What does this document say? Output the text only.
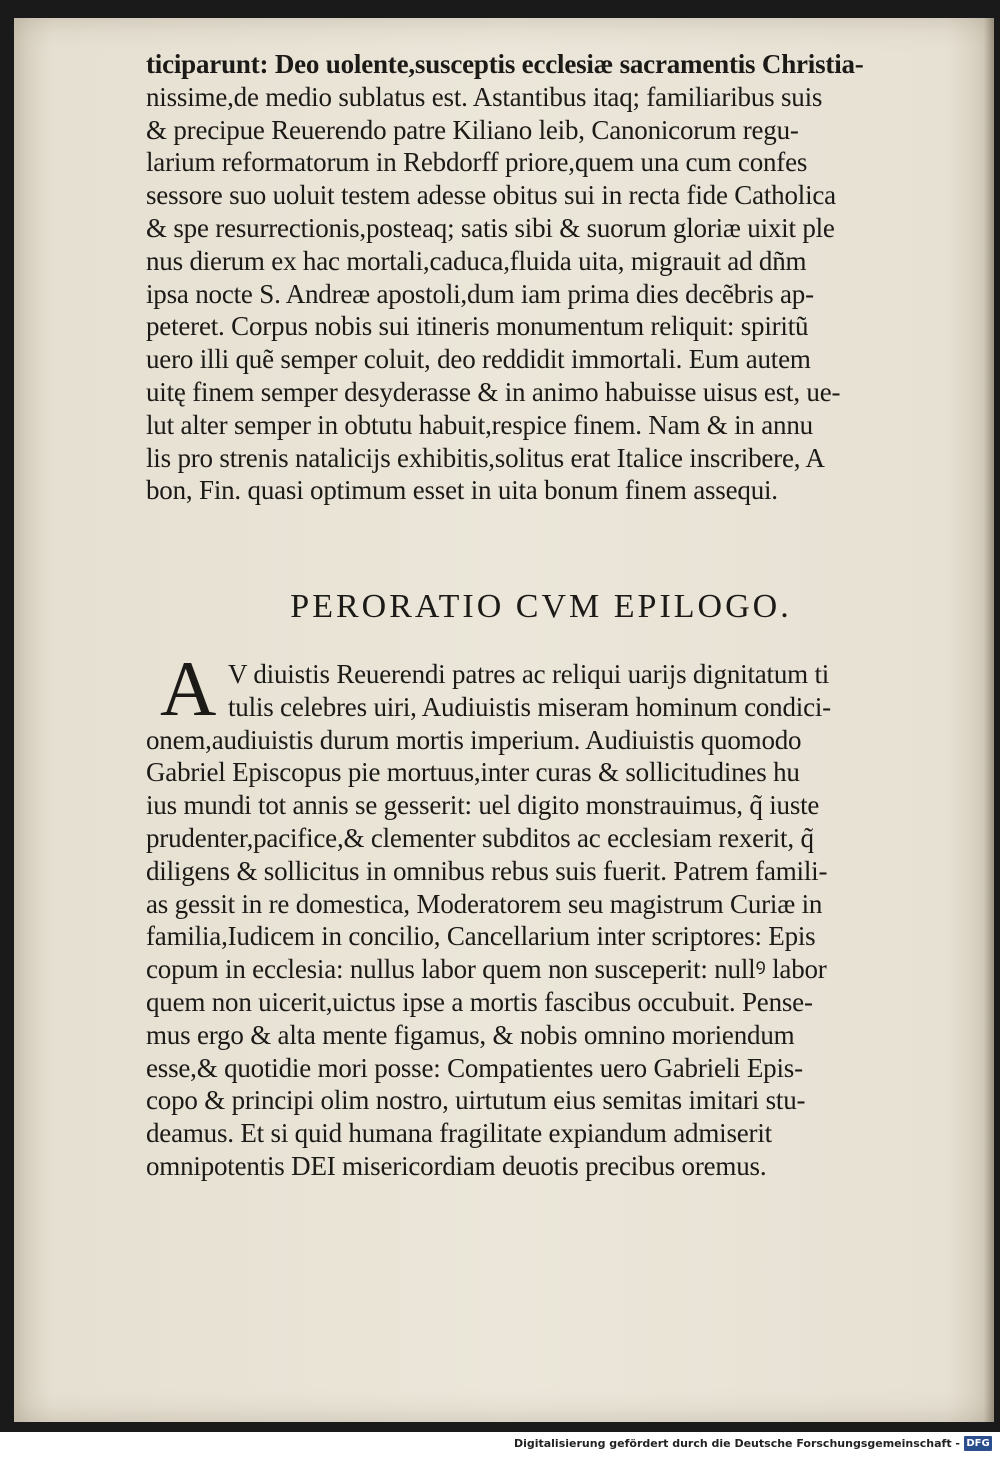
ticiparunt: Deo uolente,susceptis ecclesiæ sacramentis Christia-
nissime,de medio sublatus est. Astantibus itaq; familiaribus suis
& precipue Reuerendo patre Kiliano leib, Canonicorum regu-
larium reformatorum in Rebdorff priore,quem una cum confes
sessore suo uoluit testem adesse obitus sui in recta fide Catholica
& spe resurrectionis,posteaq; satis sibi & suorum gloriæ uixit ple
nus dierum ex hac mortali,caduca,fluida uita, migrauit ad dñm
ipsa nocte S. Andreæ apostoli,dum iam prima dies decẽbris ap-
peteret. Corpus nobis sui itineris monumentum reliquit: spiritũ
uero illi quẽ semper coluit, deo reddidit immortali. Eum autem
uitę finem semper desyderasse & in animo habuisse uisus est, ue-
lut alter semper in obtutu habuit,respice finem. Nam & in annu
lis pro strenis natalicijs exhibitis,solitus erat Italice inscribere, A
bon, Fin. quasi optimum esset in uita bonum finem assequi.
PERORATIO CVM EPILOGO.
A V diuistis Reuerendi patres ac reliqui uarijs dignitatum ti
tulis celebres uiri, Audiuistis miseram hominum condici-
onem,audiuistis durum mortis imperium. Audiuistis quomodo
Gabriel Episcopus pie mortuus,inter curas & sollicitudines hu
ius mundi tot annis se gesserit: uel digito monstrauimus, q̃ iuste
prudenter,pacifice,& clementer subditos ac ecclesiam rexerit, q̃
diligens & sollicitus in omnibus rebus suis fuerit. Patrem famili-
as gessit in re domestica, Moderatorem seu magistrum Curiæ in
familia,Iudicem in concilio, Cancellarium inter scriptores: Epis
copum in ecclesia: nullus labor quem non susceperit: nullꝰ labor
quem non uicerit,uictus ipse a mortis fascibus occubuit. Pense-
mus ergo & alta mente figamus, & nobis omnino moriendum
esse,& quotidie mori posse: Compatientes uero Gabrieli Epis-
copo & principi olim nostro, uirtutum eius semitas imitari stu-
deamus. Et si quid humana fragilitate expiandum admiserit
omnipotentis DEI misericordiam deuotis precibus oremus.
Digitalisierung gefördert durch die Deutsche Forschungsgemeinschaft - DFG
